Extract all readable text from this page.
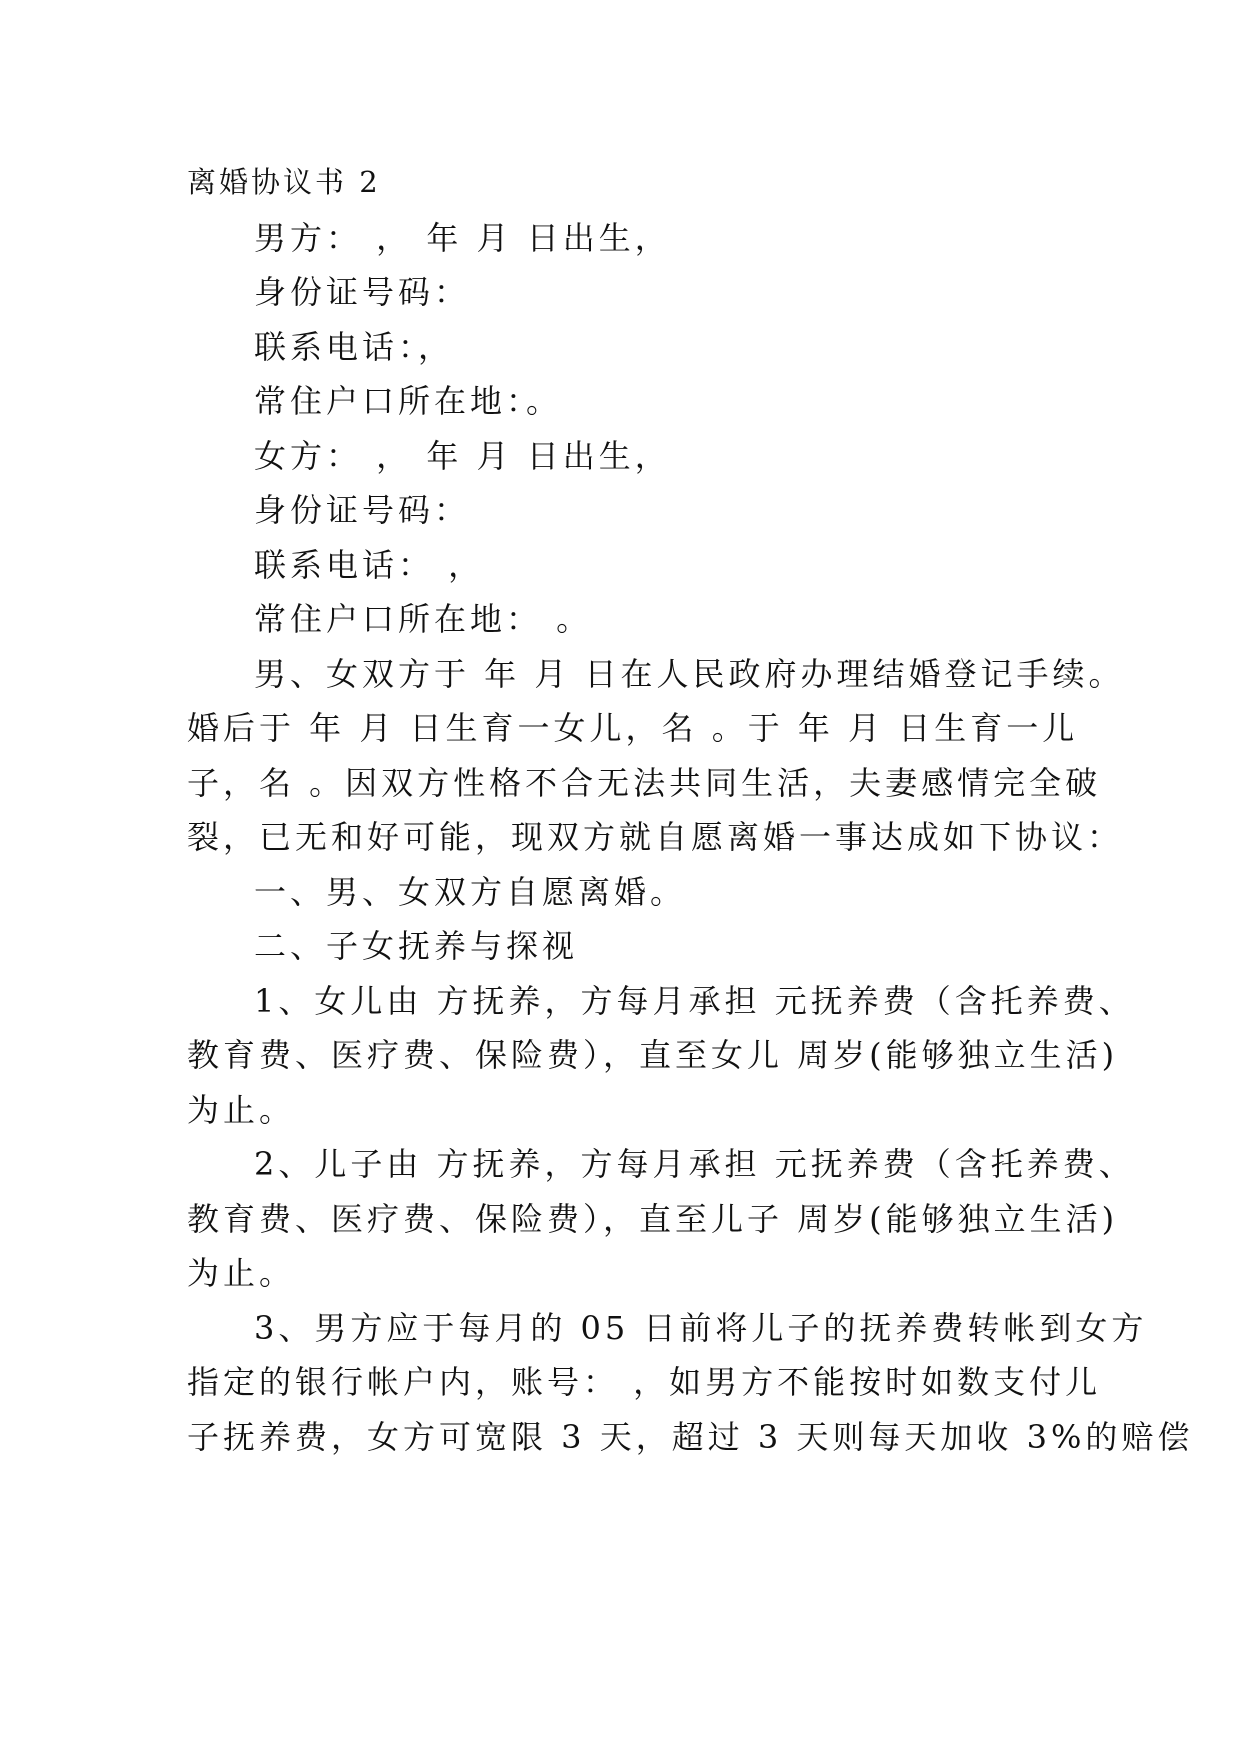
离婚协议书 2
男方： ， 年 月 日出生，
身份证号码：
联系电话：，
常住户口所在地：。
女方： ， 年 月 日出生，
身份证号码：
联系电话： ，
常住户口所在地： 。
男、女双方于 年 月 日在人民政府办理结婚登记手续。
婚后于 年 月 日生育一女儿，名 。于 年 月 日生育一儿
子，名 。因双方性格不合无法共同生活，夫妻感情完全破
裂，已无和好可能，现双方就自愿离婚一事达成如下协议：
一、男、女双方自愿离婚。
二、子女抚养与探视
1、女儿由 方抚养，方每月承担 元抚养费（含托养费、
教育费、医疗费、保险费），直至女儿 周岁(能够独立生活)
为止。
2、儿子由 方抚养，方每月承担 元抚养费（含托养费、
教育费、医疗费、保险费），直至儿子 周岁(能够独立生活)
为止。
3、男方应于每月的 05 日前将儿子的抚养费转帐到女方
指定的银行帐户内，账号： ，如男方不能按时如数支付儿
子抚养费，女方可宽限 3 天，超过 3 天则每天加收 3%的赔偿
